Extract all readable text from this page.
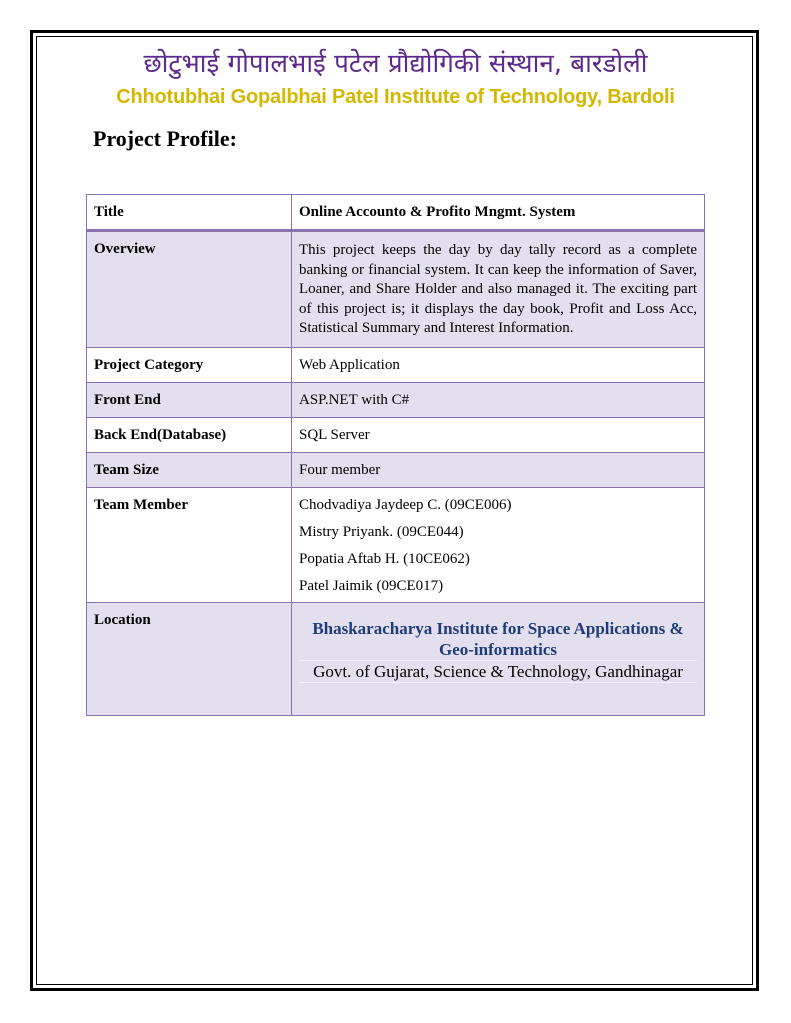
छोटुभाई गोपालभाई पटेल प्रौद्योगिकी संस्थान, बारडोली
Chhotubhai Gopalbhai Patel Institute of Technology, Bardoli
Project Profile:
Title	Online Accounto & Profito Mngmt. System
Overview	This project keeps the day by day tally record as a complete banking or financial system. It can keep the information of Saver, Loaner, and Share Holder and also managed it. The exciting part of this project is; it displays the day book, Profit and Loss Acc, Statistical Summary and Interest Information.
Project Category	Web Application
Front End	ASP.NET with C#
Back End(Database)	SQL Server
Team Size	Four member
Team Member	Chodvadiya Jaydeep C. (09CE006)
Mistry Priyank. (09CE044)
Popatia Aftab H. (10CE062)
Patel Jaimik (09CE017)

Location	Bhaskaracharya Institute for Space Applications & Geo-informatics
Govt. of Gujarat, Science & Technology, Gandhinagar
